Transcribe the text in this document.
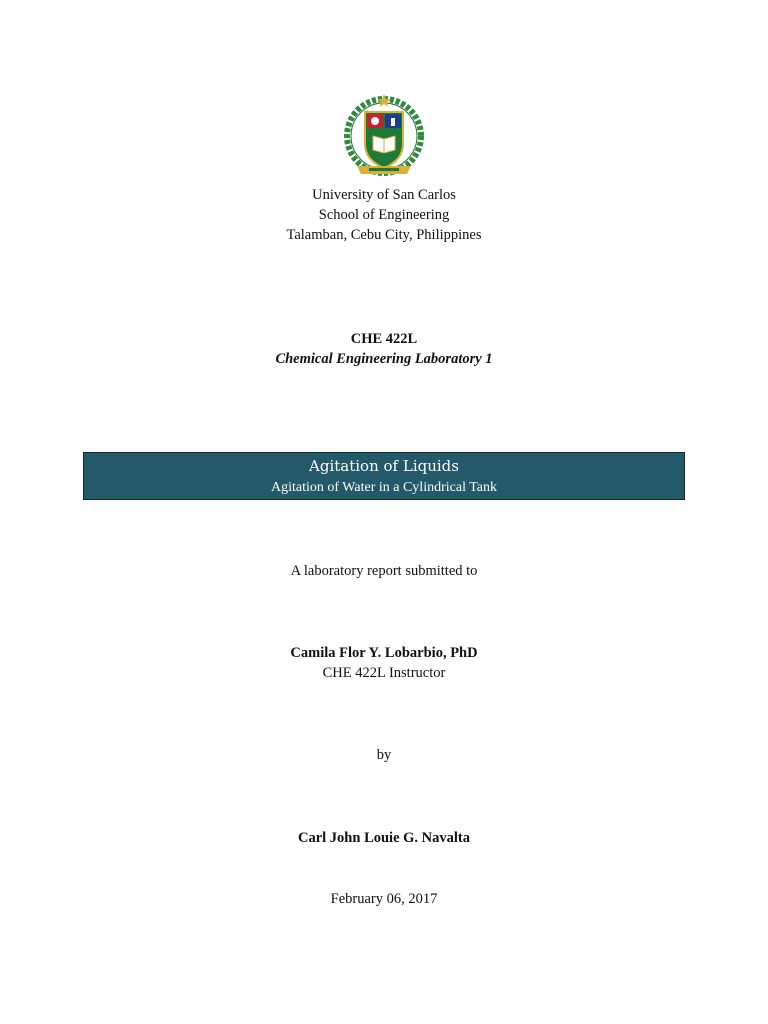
University of San Carlos
School of Engineering
Talamban, Cebu City, Philippines
CHE 422L
Chemical Engineering Laboratory 1
Agitation of Liquids
Agitation of Water in a Cylindrical Tank
A laboratory report submitted to
Camila Flor Y. Lobarbio, PhD
CHE 422L Instructor
by
Carl John Louie G. Navalta
February 06, 2017
